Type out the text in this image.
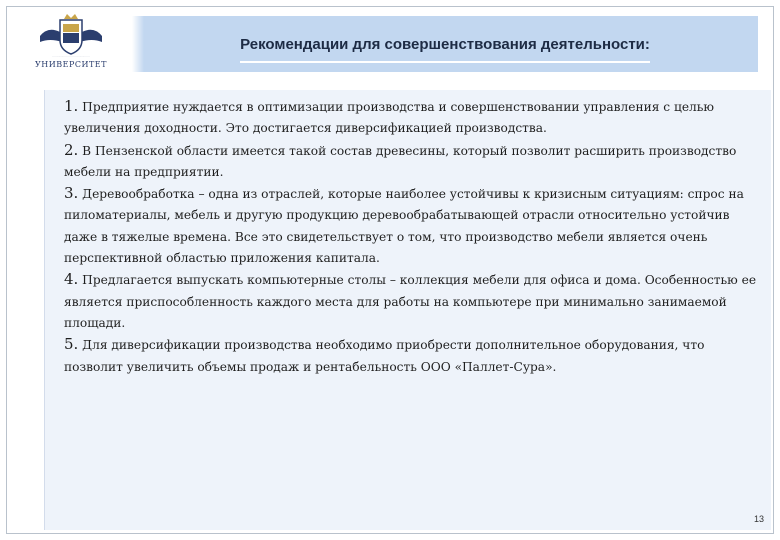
········································
УНИВЕРСИТЕТ
Рекомендации для совершенствования деятельности:

1. Предприятие нуждается в оптимизации производства и совершенствовании управления с целью увеличения доходности. Это достигается диверсификацией производства.

2. В Пензенской области имеется такой состав древесины, который позволит расширить производство мебели на предприятии.

3. Деревообработка – одна из отраслей, которые наиболее устойчивы к кризисным ситуациям: спрос на пиломатериалы, мебель и другую продукцию деревообрабатывающей отрасли относительно устойчив даже в тяжелые времена. Все это свидетельствует о том, что производство мебели является очень перспективной областью приложения капитала.

4. Предлагается выпускать компьютерные столы – коллекция мебели для офиса и дома. Особенностью ее является приспособленность каждого места для работы на компьютере при минимально занимаемой площади.

5. Для диверсификации производства необходимо приобрести дополнительное оборудования, что позволит увеличить объемы продаж и рентабельность ООО «Паллет-Сура».

13
